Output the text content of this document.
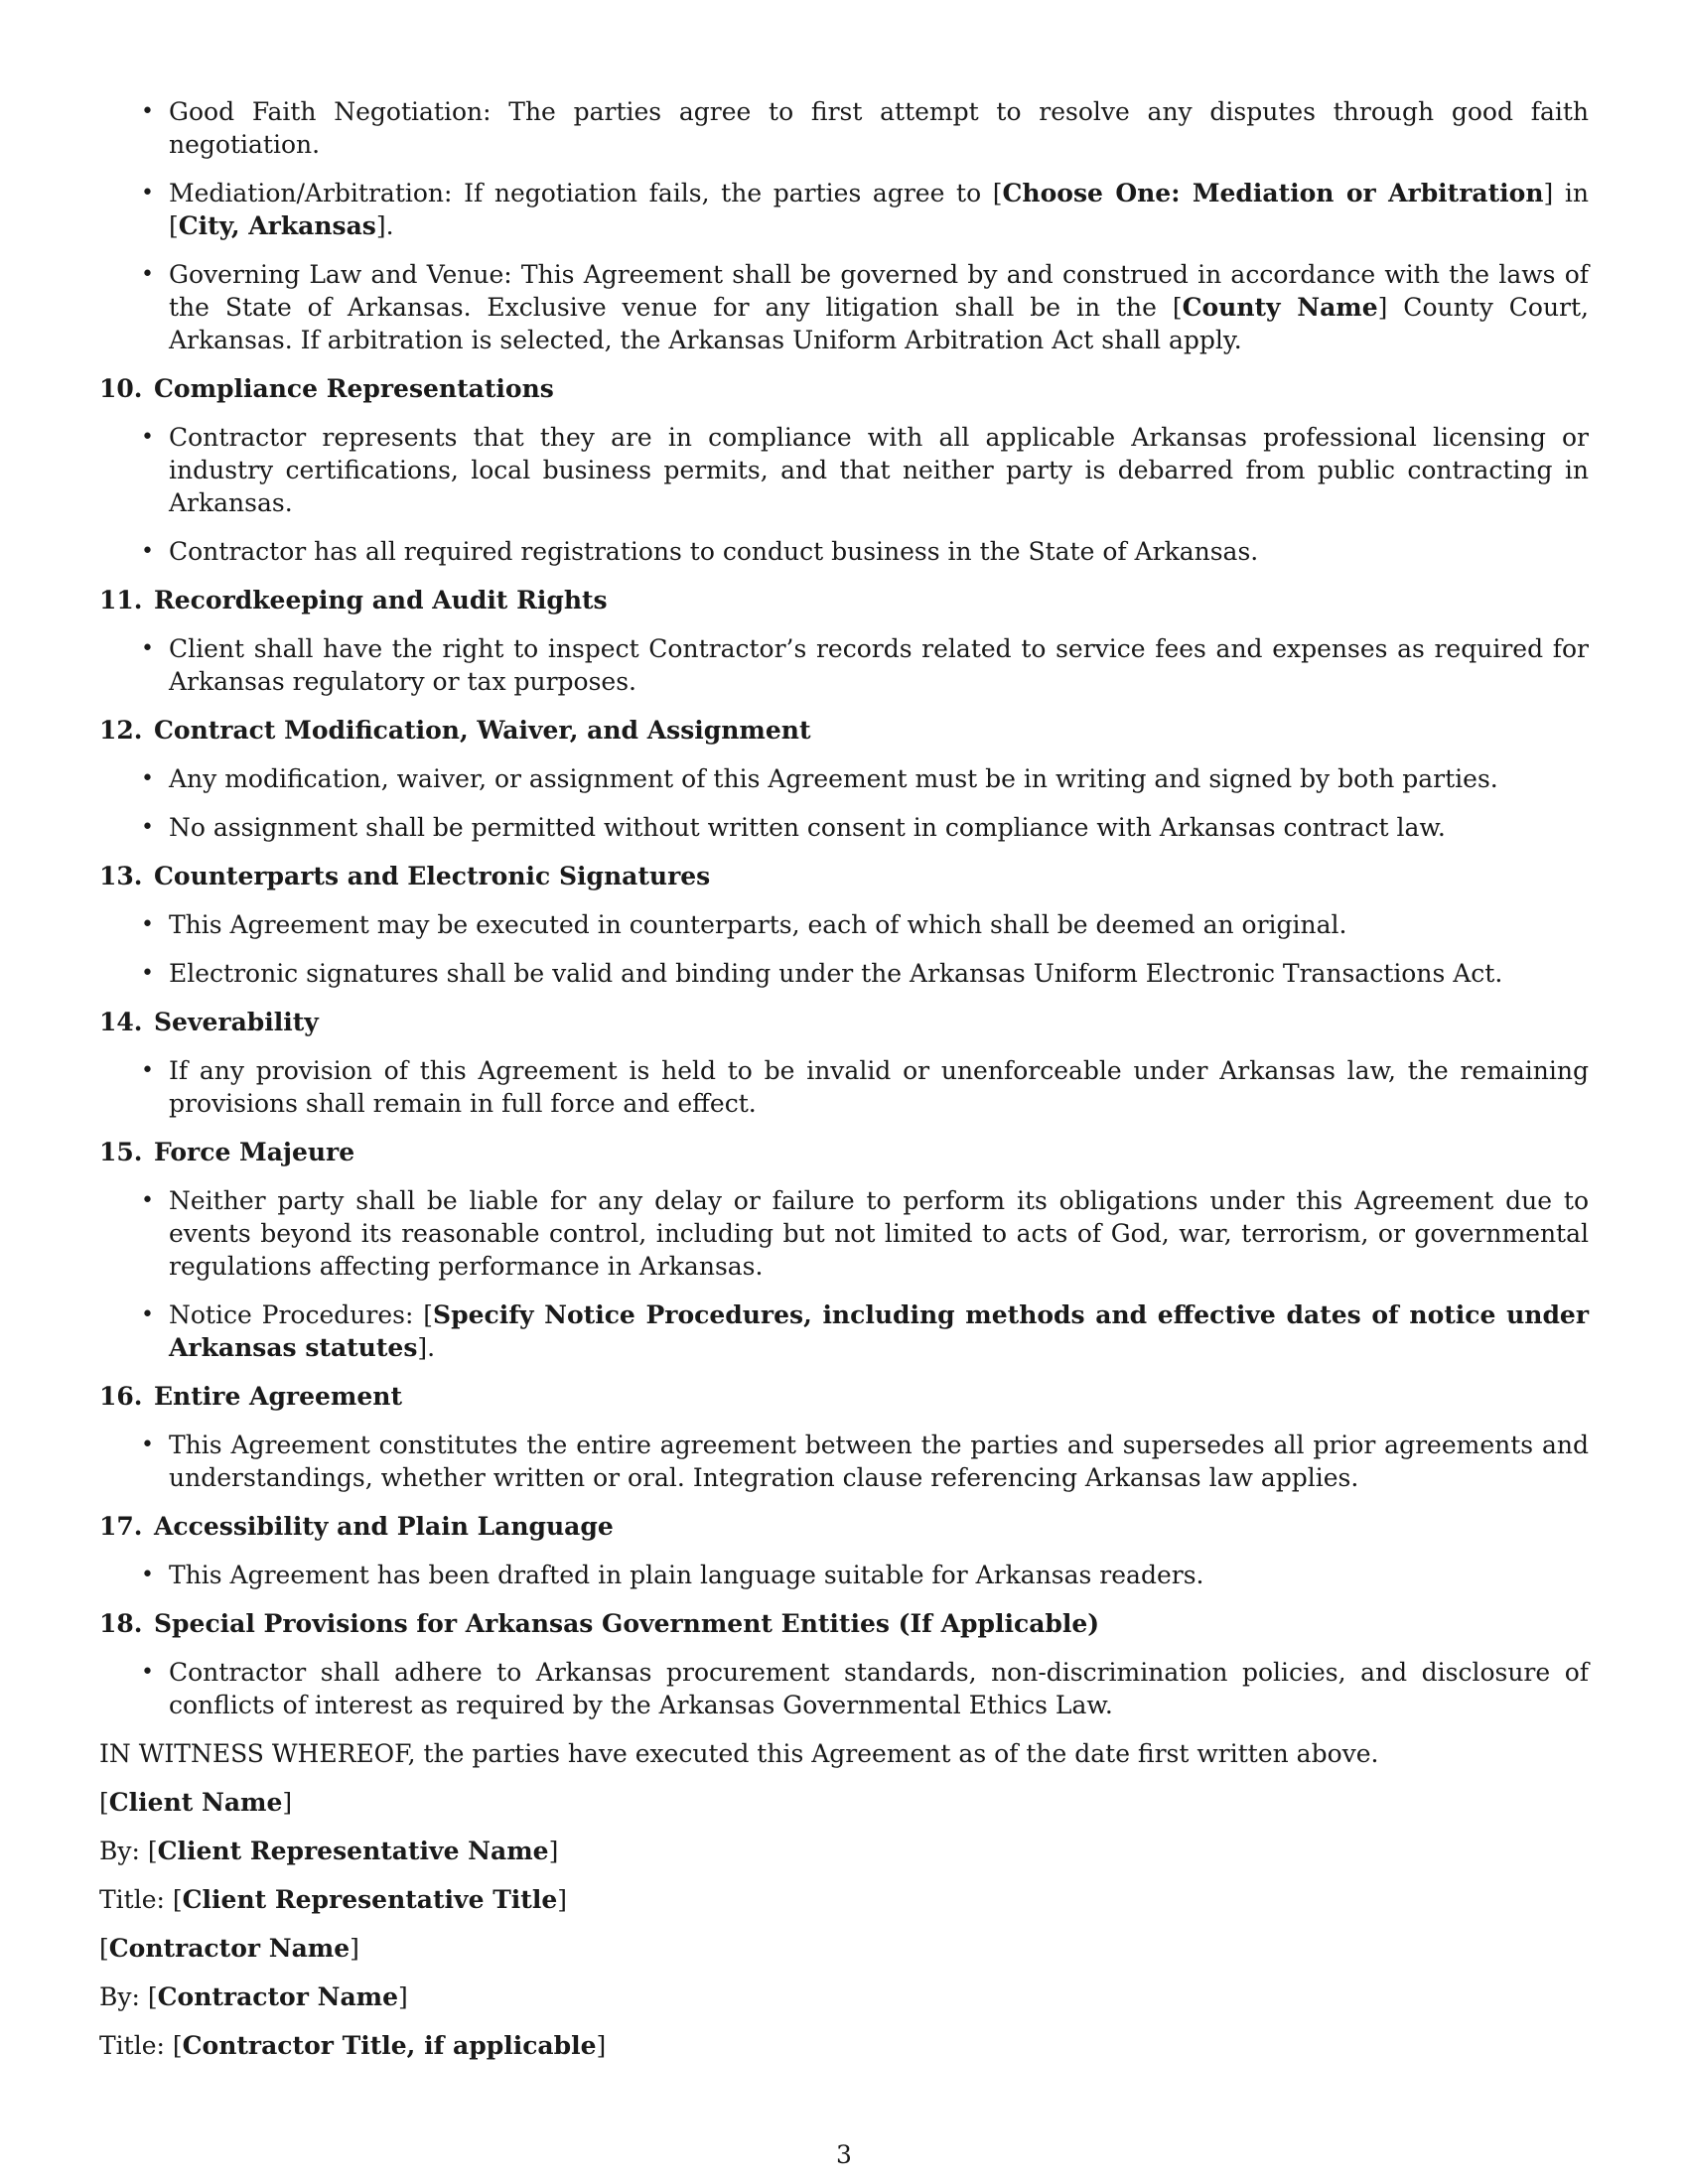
• Good Faith Negotiation: The parties agree to first attempt to resolve any disputes through good faith negotiation.
• Mediation/Arbitration: If negotiation fails, the parties agree to [Choose One: Mediation or Arbitration] in [City, Arkansas].
• Governing Law and Venue: This Agreement shall be governed by and construed in accordance with the laws of the State of Arkansas. Exclusive venue for any litigation shall be in the [County Name] County Court, Arkansas. If arbitration is selected, the Arkansas Uniform Arbitration Act shall apply.
10. Compliance Representations
• Contractor represents that they are in compliance with all applicable Arkansas professional licensing or industry certifications, local business permits, and that neither party is debarred from public contracting in Arkansas.
• Contractor has all required registrations to conduct business in the State of Arkansas.
11. Recordkeeping and Audit Rights
• Client shall have the right to inspect Contractor’s records related to service fees and expenses as required for Arkansas regulatory or tax purposes.
12. Contract Modification, Waiver, and Assignment
• Any modification, waiver, or assignment of this Agreement must be in writing and signed by both parties.
• No assignment shall be permitted without written consent in compliance with Arkansas contract law.
13. Counterparts and Electronic Signatures
• This Agreement may be executed in counterparts, each of which shall be deemed an original.
• Electronic signatures shall be valid and binding under the Arkansas Uniform Electronic Transactions Act.
14. Severability
• If any provision of this Agreement is held to be invalid or unenforceable under Arkansas law, the remaining provisions shall remain in full force and effect.
15. Force Majeure
• Neither party shall be liable for any delay or failure to perform its obligations under this Agreement due to events beyond its reasonable control, including but not limited to acts of God, war, terrorism, or governmental regulations affecting performance in Arkansas.
• Notice Procedures: [Specify Notice Procedures, including methods and effective dates of notice under Arkansas statutes].
16. Entire Agreement
• This Agreement constitutes the entire agreement between the parties and supersedes all prior agreements and understandings, whether written or oral. Integration clause referencing Arkansas law applies.
17. Accessibility and Plain Language
• This Agreement has been drafted in plain language suitable for Arkansas readers.
18. Special Provisions for Arkansas Government Entities (If Applicable)
• Contractor shall adhere to Arkansas procurement standards, non-discrimination policies, and disclosure of conflicts of interest as required by the Arkansas Governmental Ethics Law.

IN WITNESS WHEREOF, the parties have executed this Agreement as of the date first written above.

[Client Name]

By: [Client Representative Name]

Title: [Client Representative Title]

[Contractor Name]

By: [Contractor Name]

Title: [Contractor Title, if applicable]

3
